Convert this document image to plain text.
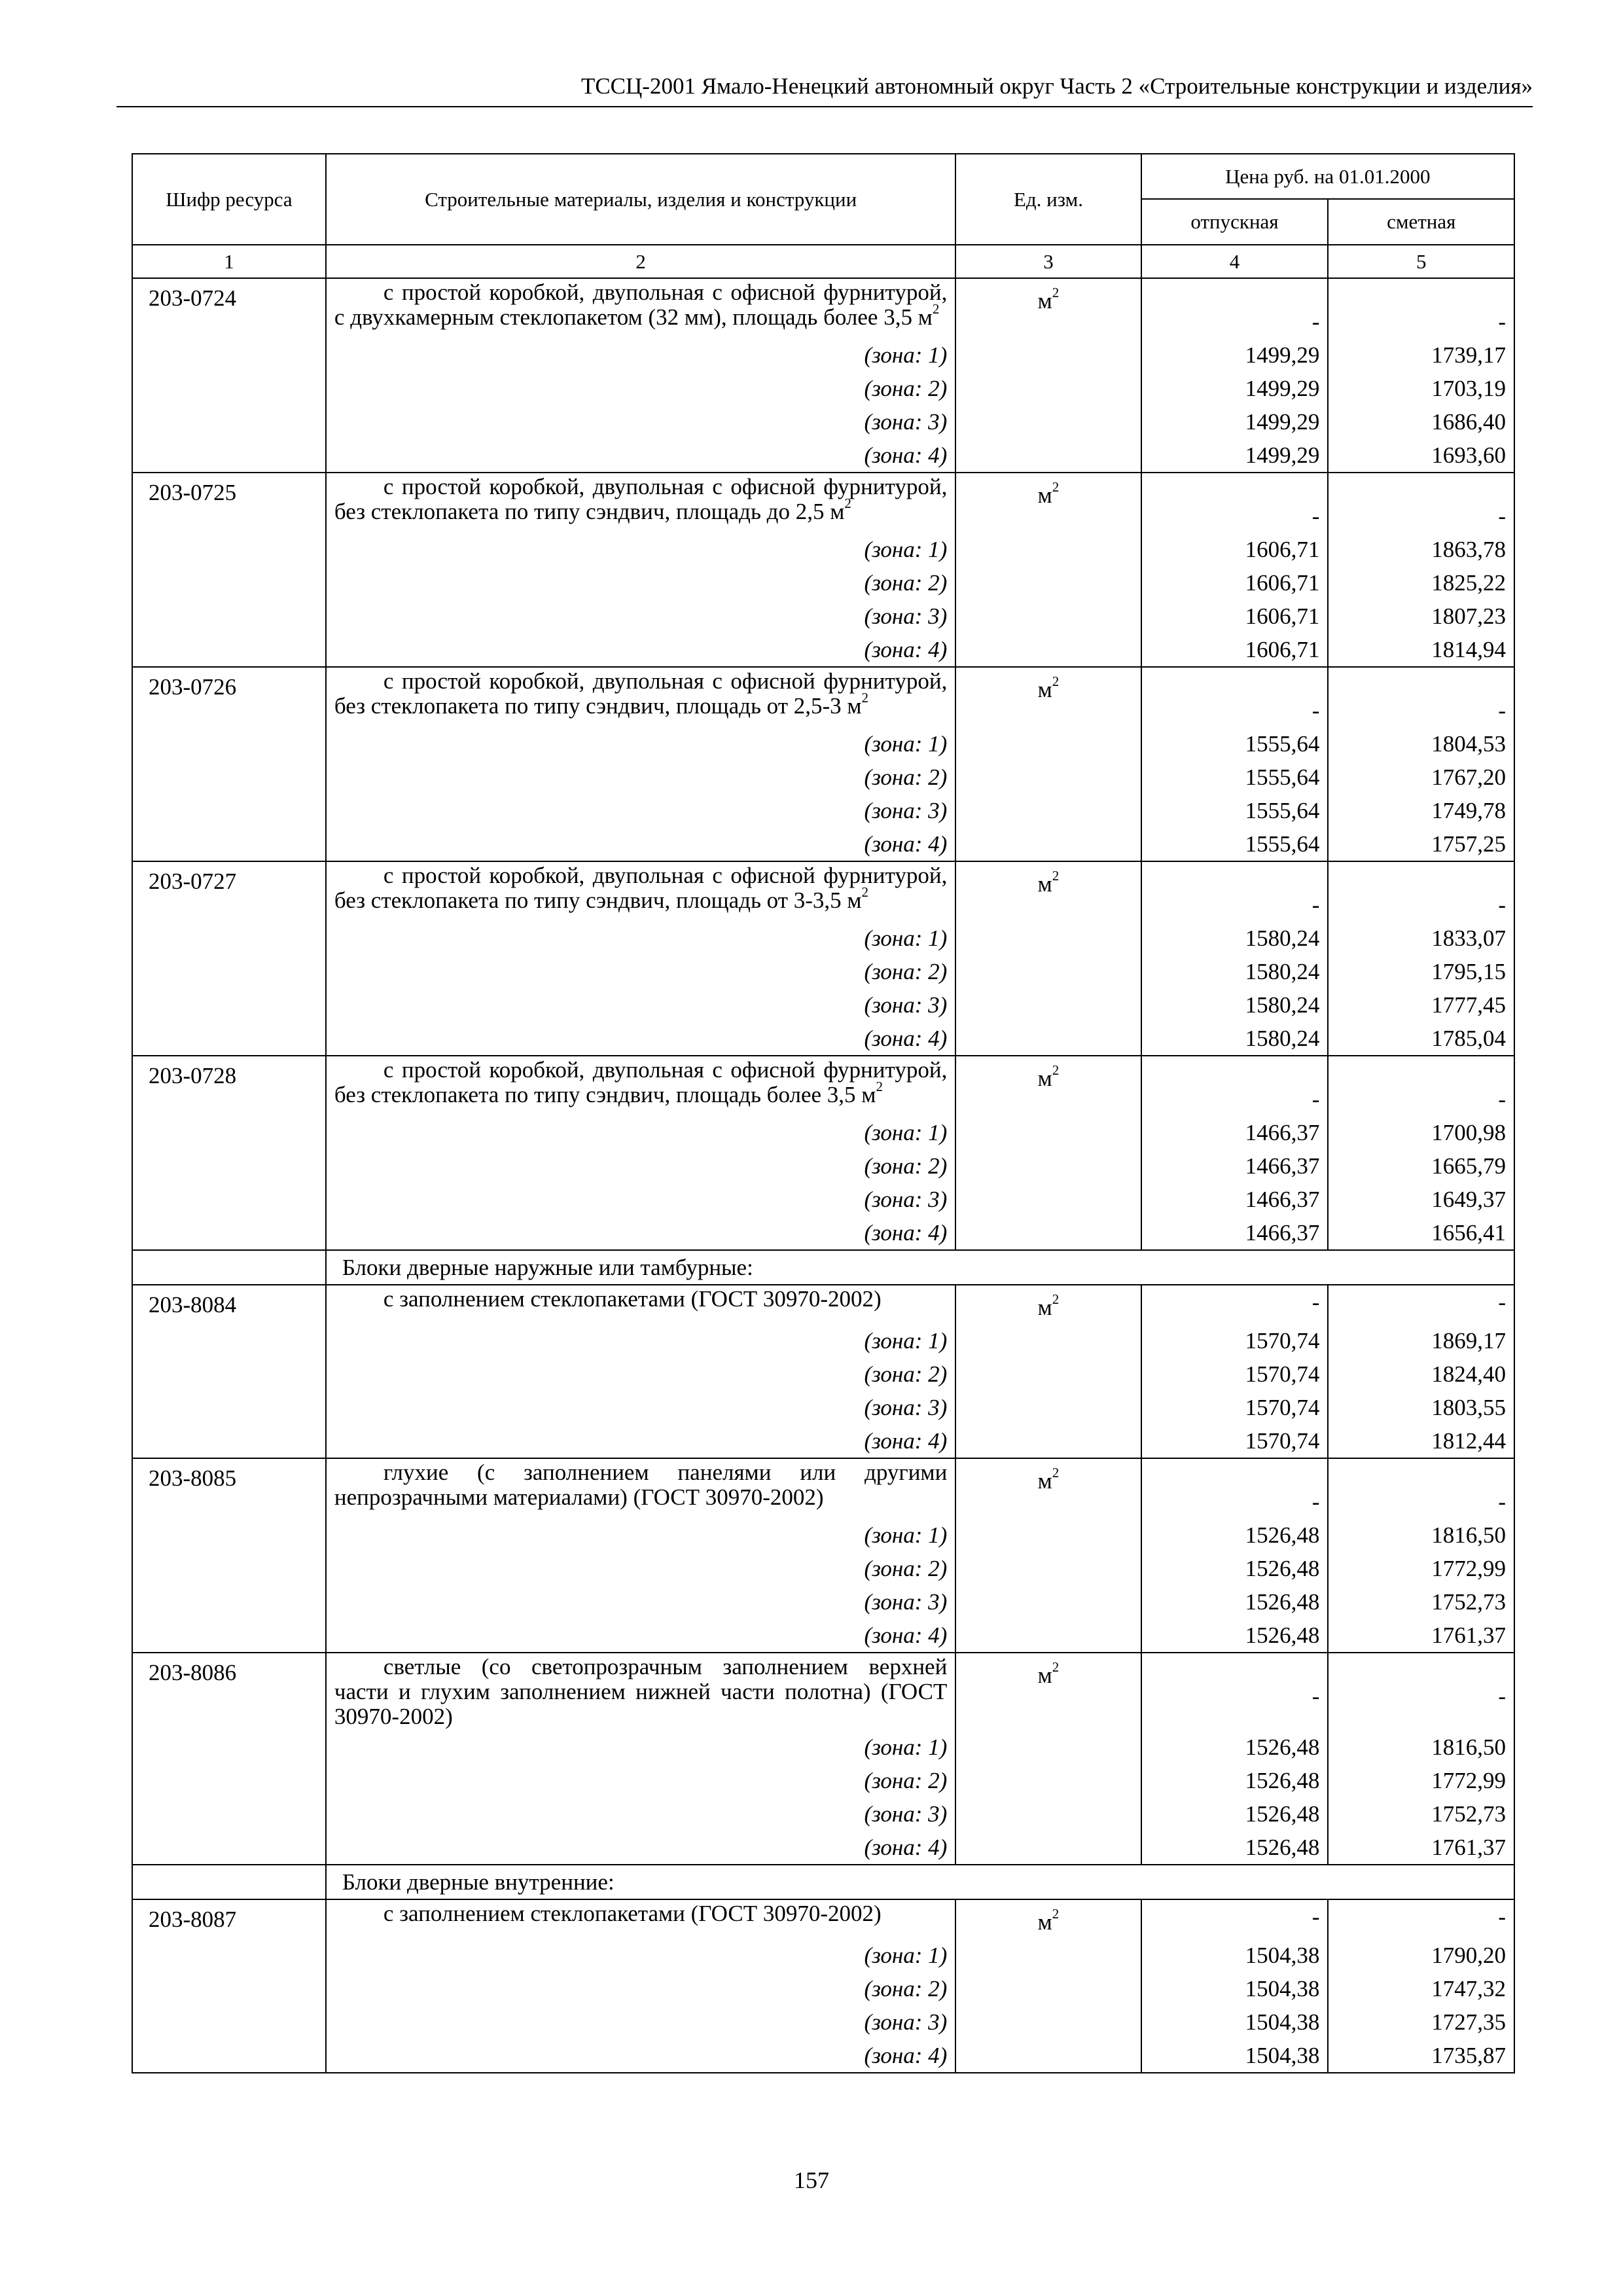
ТССЦ-2001 Ямало-Ненецкий автономный округ Часть 2 «Строительные конструкции и изделия»
Шифр ресурса	Строительные материалы, изделия и конструкции	Ед. изм.	Цена руб. на 01.01.2000	
			отпускная	сметная
1	2	3	4	5
203-0724	с простой коробкой, двупольная с офисной фурнитурой, с двухкамерным стеклопакетом (32 мм), площадь более 3,5 $м^2$	$м^2$	-	-
	(зона: 1)		1499,29	1739,17
	(зона: 2)		1499,29	1703,19
	(зона: 3)		1499,29	1686,40
	(зона: 4)		1499,29	1693,60
203-0725	с простой коробкой, двупольная с офисной фурнитурой, без стеклопакета по типу сэндвич, площадь до 2,5 $м^2$	$м^2$	-	-
	(зона: 1)		1606,71	1863,78
	(зона: 2)		1606,71	1825,22
	(зона: 3)		1606,71	1807,23
	(зона: 4)		1606,71	1814,94
203-0726	с простой коробкой, двупольная с офисной фурнитурой, без стеклопакета по типу сэндвич, площадь от 2,5-3 $м^2$	$м^2$	-	-
	(зона: 1)		1555,64	1804,53
	(зона: 2)		1555,64	1767,20
	(зона: 3)		1555,64	1749,78
	(зона: 4)		1555,64	1757,25
203-0727	с простой коробкой, двупольная с офисной фурнитурой, без стеклопакета по типу сэндвич, площадь от 3-3,5 $м^2$	$м^2$	-	-
	(зона: 1)		1580,24	1833,07
	(зона: 2)		1580,24	1795,15
	(зона: 3)		1580,24	1777,45
	(зона: 4)		1580,24	1785,04
203-0728	с простой коробкой, двупольная с офисной фурнитурой, без стеклопакета по типу сэндвич, площадь более 3,5 $м^2$	$м^2$	-	-
	(зона: 1)		1466,37	1700,98
	(зона: 2)		1466,37	1665,79
	(зона: 3)		1466,37	1649,37
	(зона: 4)		1466,37	1656,41
	Блоки дверные наружные или тамбурные:			
203-8084	с заполнением стеклопакетами (ГОСТ 30970-2002)	$м^2$	-	-
	(зона: 1)		1570,74	1869,17
	(зона: 2)		1570,74	1824,40
	(зона: 3)		1570,74	1803,55
	(зона: 4)		1570,74	1812,44
203-8085	глухие (с заполнением панелями или другими непрозрачными материалами) (ГОСТ 30970-2002)	$м^2$	-	-
	(зона: 1)		1526,48	1816,50
	(зона: 2)		1526,48	1772,99
	(зона: 3)		1526,48	1752,73
	(зона: 4)		1526,48	1761,37
203-8086	светлые (со светопрозрачным заполнением верхней части и глухим заполнением нижней части полотна) (ГОСТ 30970-2002)	$м^2$	-	-
	(зона: 1)		1526,48	1816,50
	(зона: 2)		1526,48	1772,99
	(зона: 3)		1526,48	1752,73
	(зона: 4)		1526,48	1761,37
	Блоки дверные внутренние:			
203-8087	с заполнением стеклопакетами (ГОСТ 30970-2002)	$м^2$	-	-
	(зона: 1)		1504,38	1790,20
	(зона: 2)		1504,38	1747,32
	(зона: 3)		1504,38	1727,35
	(зона: 4)		1504,38	1735,87
157
